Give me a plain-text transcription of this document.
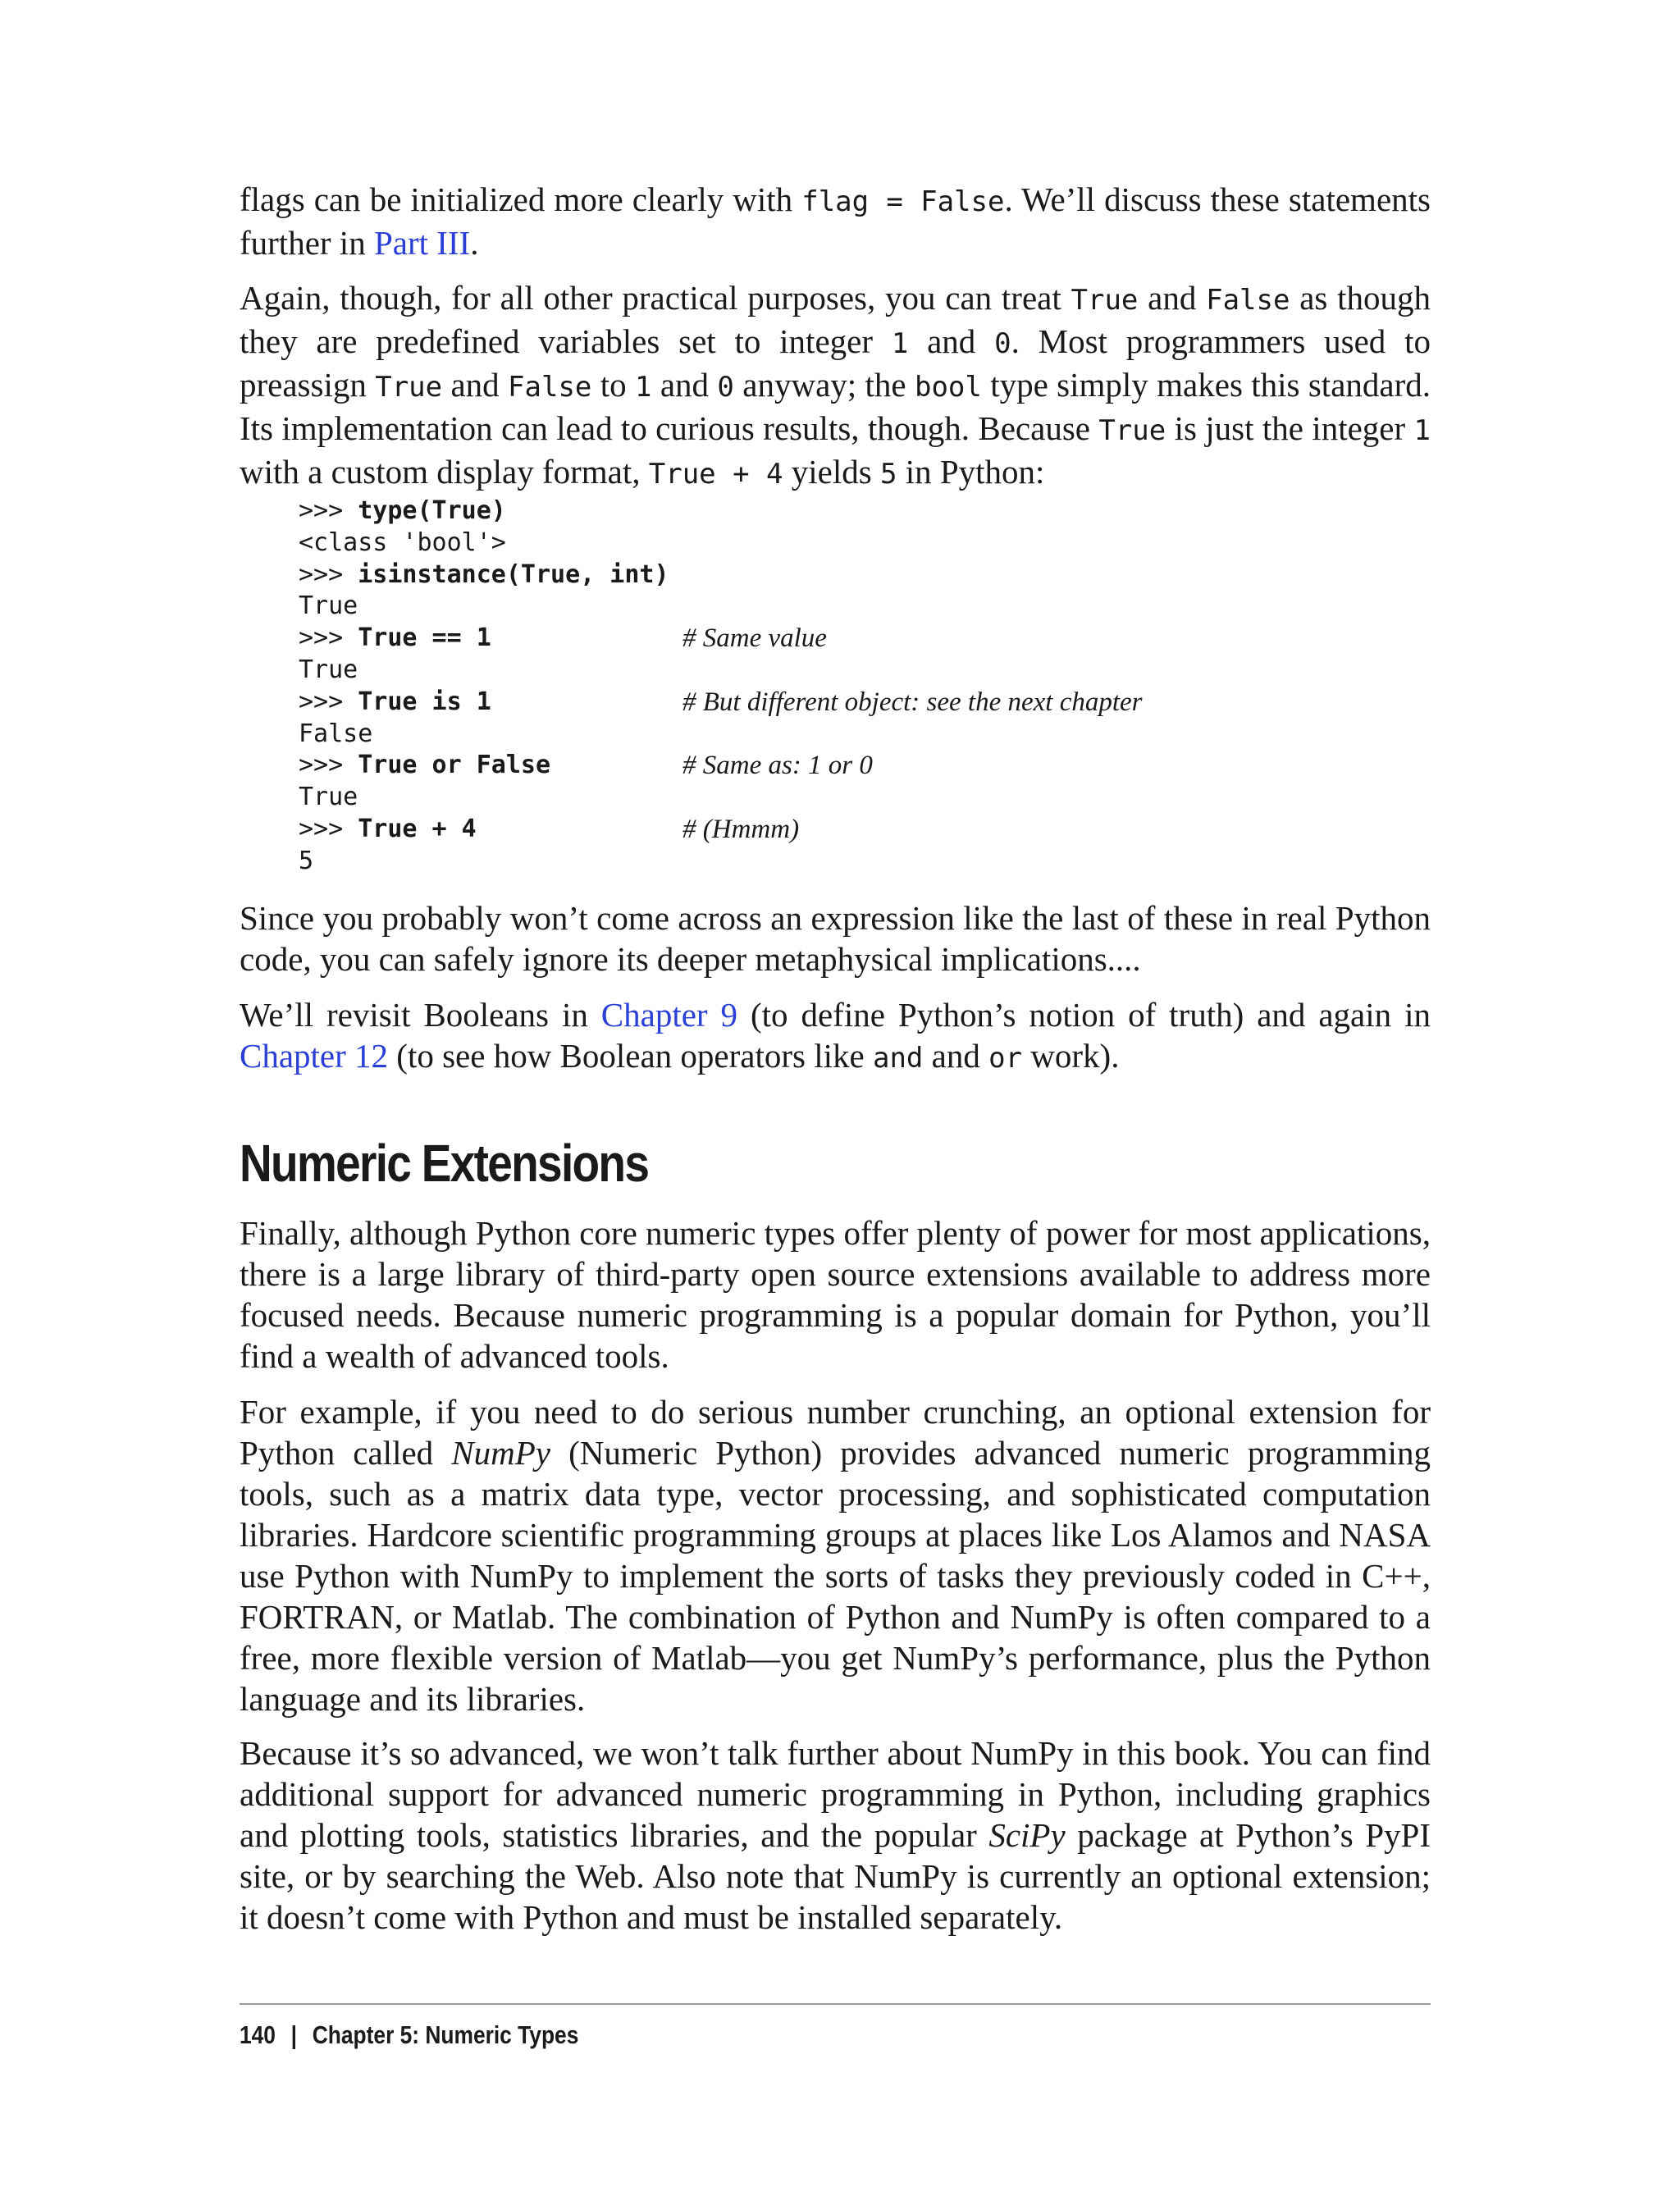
flags can be initialized more clearly with flag = False. We’ll discuss these statements further in Part III.

Again, though, for all other practical purposes, you can treat True and False as though they are predefined variables set to integer 1 and 0. Most programmers used to preassign True and False to 1 and 0 anyway; the bool type simply makes this standard. Its implementation can lead to curious results, though. Because True is just the integer 1 with a custom display format, True + 4 yields 5 in Python:

>>> type(True)
<class 'bool'>
>>> isinstance(True, int)
True
>>> True == 1	# Same value
True
>>> True is 1	# But different object: see the next chapter
False
>>> True or False	# Same as: 1 or 0
True
>>> True + 4	# (Hmmm)
5

Since you probably won’t come across an expression like the last of these in real Python code, you can safely ignore its deeper metaphysical implications....

We’ll revisit Booleans in Chapter 9 (to define Python’s notion of truth) and again in Chapter 12 (to see how Boolean operators like and and or work).

Numeric Extensions

Finally, although Python core numeric types offer plenty of power for most applications, there is a large library of third-party open source extensions available to address more focused needs. Because numeric programming is a popular domain for Python, you’ll find a wealth of advanced tools.

For example, if you need to do serious number crunching, an optional extension for Python called NumPy (Numeric Python) provides advanced numeric programming tools, such as a matrix data type, vector processing, and sophisticated computation libraries. Hardcore scientific programming groups at places like Los Alamos and NASA use Python with NumPy to implement the sorts of tasks they previously coded in C++, FORTRAN, or Matlab. The combination of Python and NumPy is often compared to a free, more flexible version of Matlab—you get NumPy’s performance, plus the Python language and its libraries.

Because it’s so advanced, we won’t talk further about NumPy in this book. You can find additional support for advanced numeric programming in Python, including graphics and plotting tools, statistics libraries, and the popular SciPy package at Python’s PyPI site, or by searching the Web. Also note that NumPy is currently an optional extension; it doesn’t come with Python and must be installed separately.

140 | Chapter 5: Numeric Types
